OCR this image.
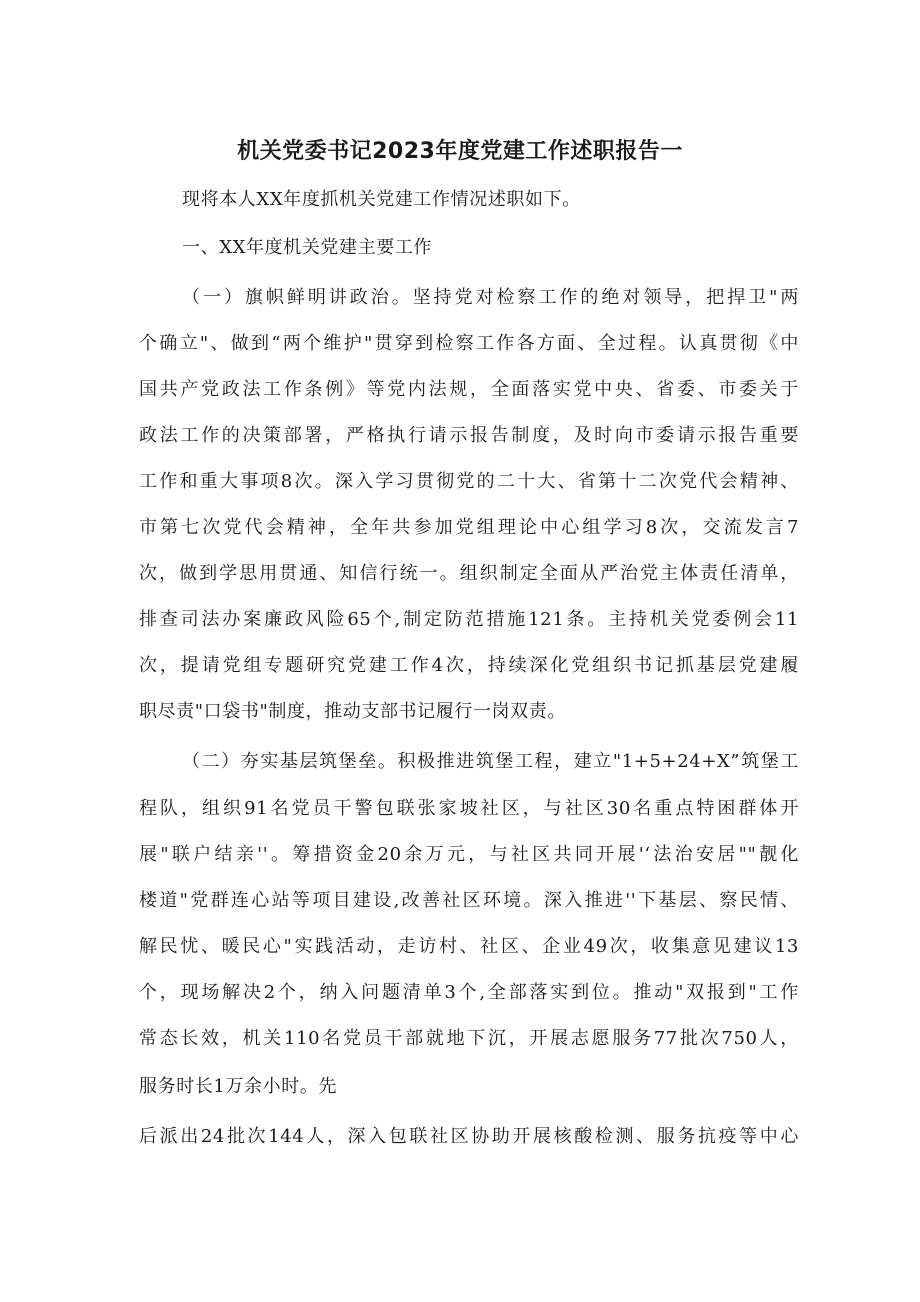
机关党委书记2023年度党建工作述职报告一
现将本人XX年度抓机关党建工作情况述职如下。
一、XX年度机关党建主要工作
（一）旗帜鲜明讲政治。坚持党对检察工作的绝对领导，把捍卫"两
个确立"、做到“两个维护"贯穿到检察工作各方面、全过程。认真贯彻《中
国共产党政法工作条例》等党内法规，全面落实党中央、省委、市委关于
政法工作的决策部署，严格执行请示报告制度，及时向市委请示报告重要
工作和重大事项8次。深入学习贯彻党的二十大、省第十二次党代会精神、
市第七次党代会精神，全年共参加党组理论中心组学习8次，交流发言7
次，做到学思用贯通、知信行统一。组织制定全面从严治党主体责任清单，
排查司法办案廉政风险65个,制定防范措施121条。主持机关党委例会11
次，提请党组专题研究党建工作4次，持续深化党组织书记抓基层党建履
职尽责"口袋书"制度，推动支部书记履行一岗双责。
（二）夯实基层筑堡垒。积极推进筑堡工程，建立"1+5+24+X”筑堡工
程队，组织91名党员干警包联张家坡社区，与社区30名重点特困群体开
展"联户结亲''。筹措资金20余万元，与社区共同开展'‘法治安居""靓化
楼道"党群连心站等项目建设,改善社区环境。深入推进''下基层、察民情、
解民忧、暖民心"实践活动，走访村、社区、企业49次，收集意见建议13
个，现场解决2个，纳入问题清单3个,全部落实到位。推动"双报到"工作
常态长效，机关110名党员干部就地下沉，开展志愿服务77批次750人，
服务时长1万余小时。先
后派出24批次144人，深入包联社区协助开展核酸检测、服务抗疫等中心
